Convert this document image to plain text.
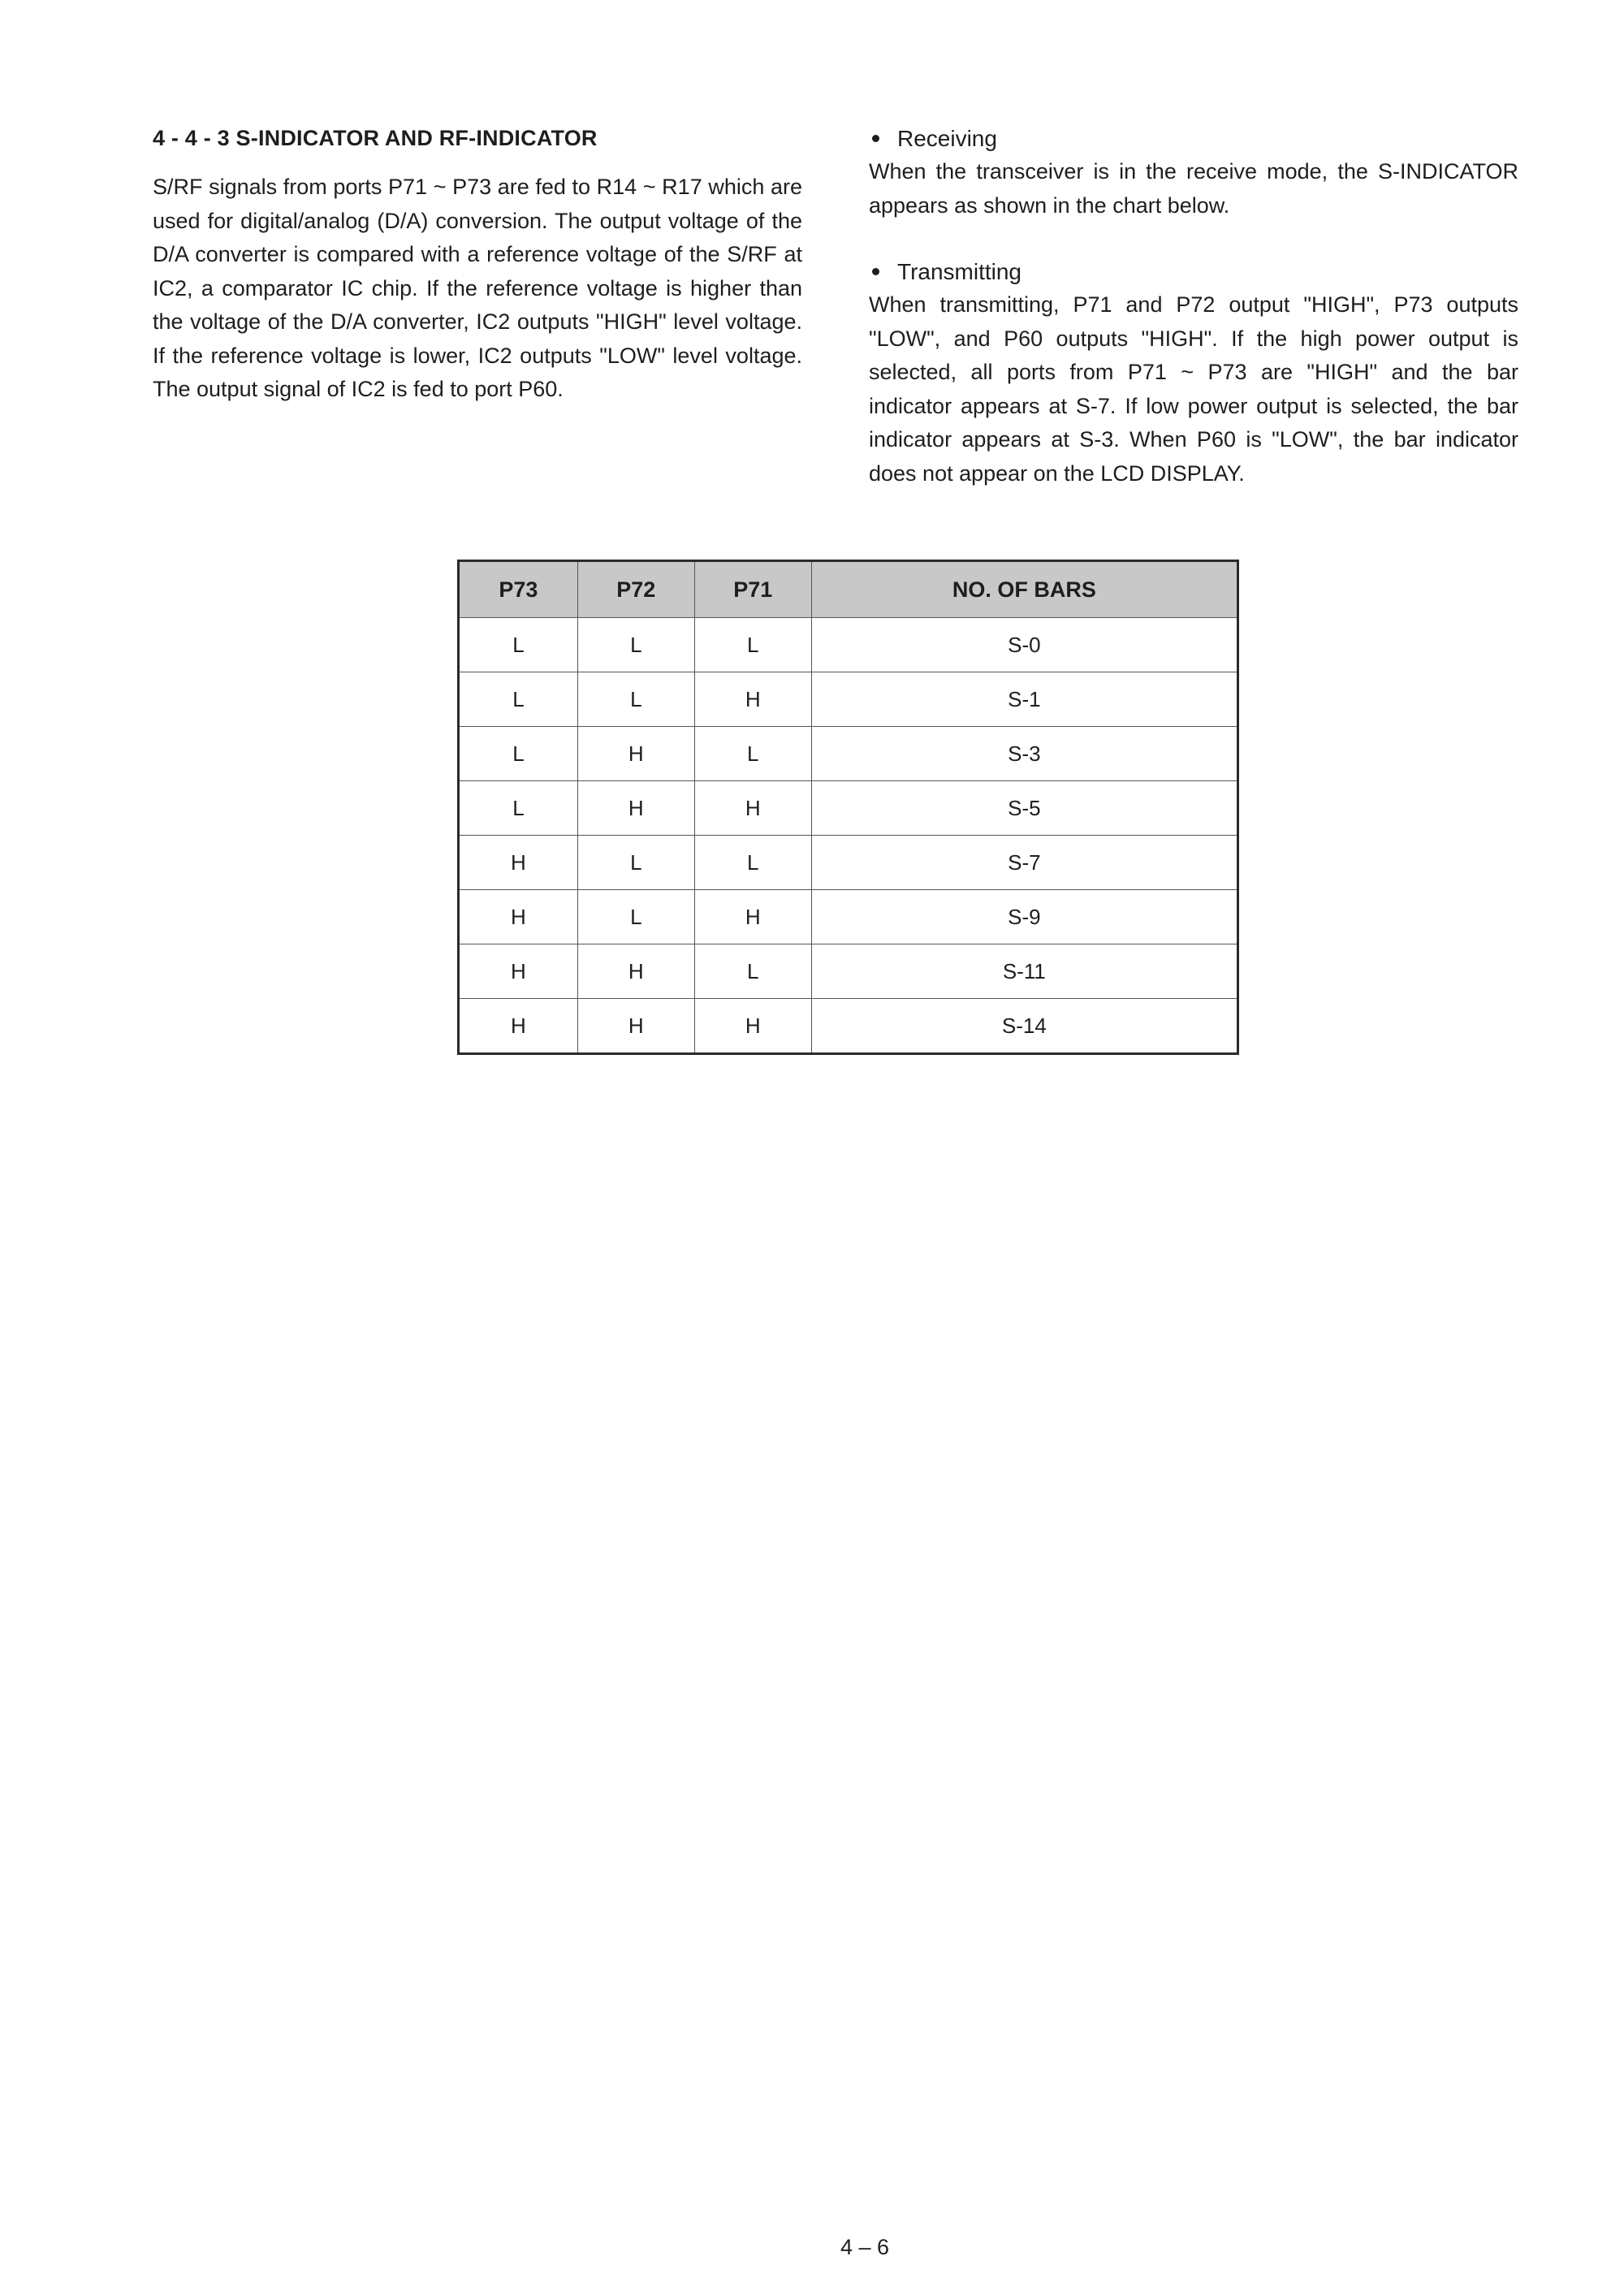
4 - 4 - 3 S-INDICATOR AND RF-INDICATOR

S/RF signals from ports P71 ~ P73 are fed to R14 ~ R17 which are used for digital/analog (D/A) conversion. The output voltage of the D/A converter is compared with a reference voltage of the S/RF at IC2, a comparator IC chip. If the reference voltage is higher than the voltage of the D/A converter, IC2 outputs "HIGH" level voltage. If the reference voltage is lower, IC2 outputs "LOW" level voltage. The output signal of IC2 is fed to port P60.

Receiving

When the transceiver is in the receive mode, the S-INDICATOR appears as shown in the chart below.

Transmitting

When transmitting, P71 and P72 output "HIGH", P73 outputs "LOW", and P60 outputs "HIGH". If the high power output is selected, all ports from P71 ~ P73 are "HIGH" and the bar indicator appears at S-7. If low power output is selected, the bar indicator appears at S-3. When P60 is "LOW", the bar indicator does not appear on the LCD DISPLAY.

P73	P72	P71	NO. OF BARS
L	L	L	S-0
L	L	H	S-1
L	H	L	S-3
L	H	H	S-5
H	L	L	S-7
H	L	H	S-9
H	H	L	S-11
H	H	H	S-14
4 – 6
